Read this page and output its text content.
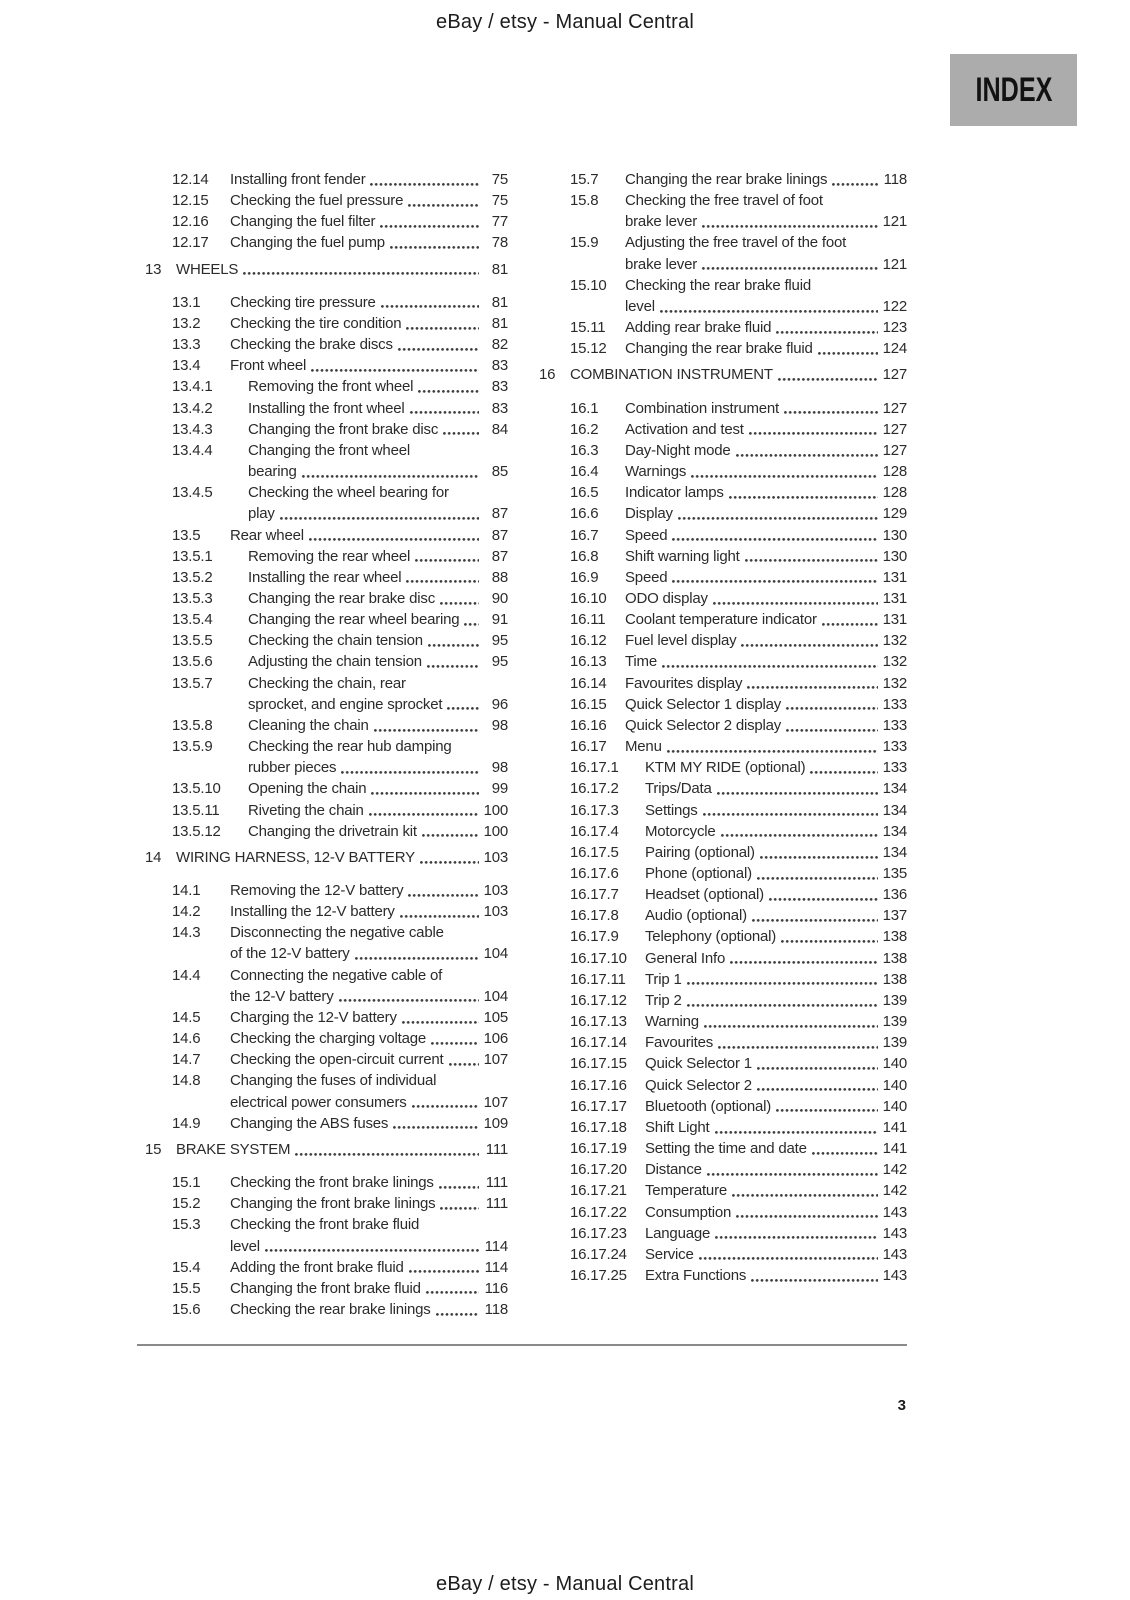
eBay / etsy - Manual Central
INDEX
12.14	Installing front fender	75
12.15	Checking the fuel pressure	75
12.16	Changing the fuel filter	77
12.17	Changing the fuel pump	78
13 WHEELS	81
13.1	Checking tire pressure	81
13.2	Checking the tire condition	81
13.3	Checking the brake discs	82
13.4	Front wheel	83
13.4.1	Removing the front wheel	83
13.4.2	Installing the front wheel	83
13.4.3	Changing the front brake disc	84
13.4.4	Changing the front wheel
bearing	85
13.4.5	Checking the wheel bearing for
play	87
13.5	Rear wheel	87
13.5.1	Removing the rear wheel	87
13.5.2	Installing the rear wheel	88
13.5.3	Changing the rear brake disc	90
13.5.4	Changing the rear wheel bearing	91
13.5.5	Checking the chain tension	95
13.5.6	Adjusting the chain tension	95
13.5.7	Checking the chain, rear
sprocket, and engine sprocket	96
13.5.8	Cleaning the chain	98
13.5.9	Checking the rear hub damping
rubber pieces	98
13.5.10	Opening the chain	99
13.5.11	Riveting the chain	100
13.5.12	Changing the drivetrain kit	100
14 WIRING HARNESS, 12-V BATTERY	103
14.1	Removing the 12-V battery	103
14.2	Installing the 12-V battery	103
14.3	Disconnecting the negative cable
of the 12-V battery	104
14.4	Connecting the negative cable of
the 12-V battery	104
14.5	Charging the 12-V battery	105
14.6	Checking the charging voltage	106
14.7	Checking the open-circuit current	107
14.8	Changing the fuses of individual
electrical power consumers	107
14.9	Changing the ABS fuses	109
15 BRAKE SYSTEM	111
15.1	Checking the front brake linings	111
15.2	Changing the front brake linings	111
15.3	Checking the front brake fluid
level	114
15.4	Adding the front brake fluid	114
15.5	Changing the front brake fluid	116
15.6	Checking the rear brake linings	118
15.7	Changing the rear brake linings	118
15.8	Checking the free travel of foot
brake lever	121
15.9	Adjusting the free travel of the foot
brake lever	121
15.10	Checking the rear brake fluid
level	122
15.11	Adding rear brake fluid	123
15.12	Changing the rear brake fluid	124
16 COMBINATION INSTRUMENT	127
16.1	Combination instrument	127
16.2	Activation and test	127
16.3	Day-Night mode	127
16.4	Warnings	128
16.5	Indicator lamps	128
16.6	Display	129
16.7	Speed	130
16.8	Shift warning light	130
16.9	Speed	131
16.10	ODO display	131
16.11	Coolant temperature indicator	131
16.12	Fuel level display	132
16.13	Time	132
16.14	Favourites display	132
16.15	Quick Selector 1 display	133
16.16	Quick Selector 2 display	133
16.17	Menu	133
16.17.1	KTM MY RIDE (optional)	133
16.17.2	Trips/Data	134
16.17.3	Settings	134
16.17.4	Motorcycle	134
16.17.5	Pairing (optional)	134
16.17.6	Phone (optional)	135
16.17.7	Headset (optional)	136
16.17.8	Audio (optional)	137
16.17.9	Telephony (optional)	138
16.17.10	General Info	138
16.17.11	Trip 1	138
16.17.12	Trip 2	139
16.17.13	Warning	139
16.17.14	Favourites	139
16.17.15	Quick Selector 1	140
16.17.16	Quick Selector 2	140
16.17.17	Bluetooth (optional)	140
16.17.18	Shift Light	141
16.17.19	Setting the time and date	141
16.17.20	Distance	142
16.17.21	Temperature	142
16.17.22	Consumption	143
16.17.23	Language	143
16.17.24	Service	143
16.17.25	Extra Functions	143
3
eBay / etsy - Manual Central
